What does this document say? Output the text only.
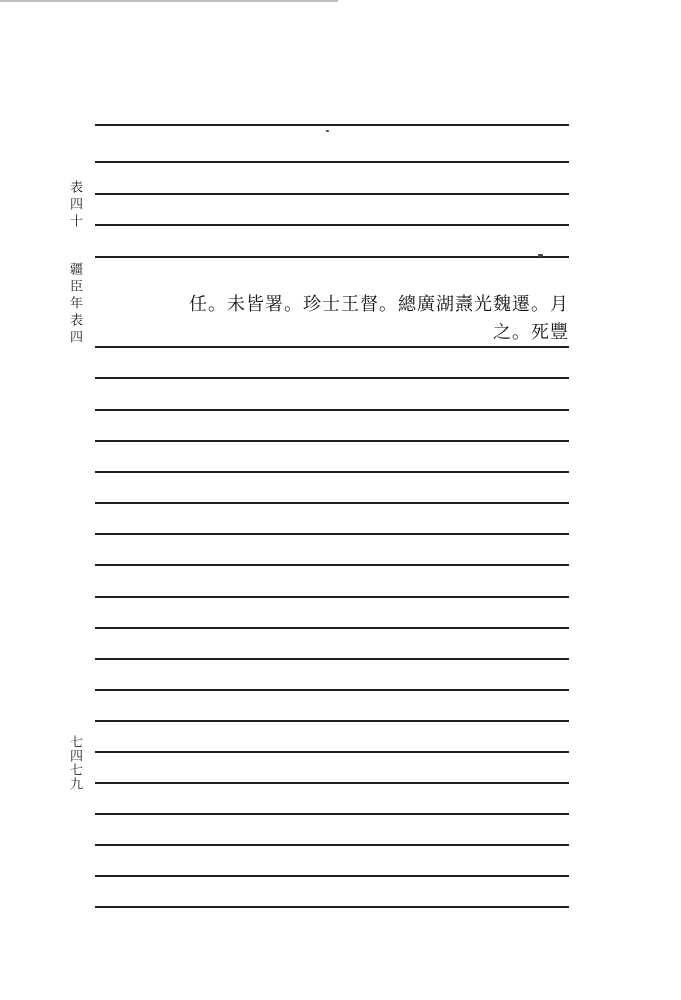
表四十
疆臣年表四
七四七九
任。未皆署。珍士王督。總廣湖燾光魏遷。月
之。死豐
